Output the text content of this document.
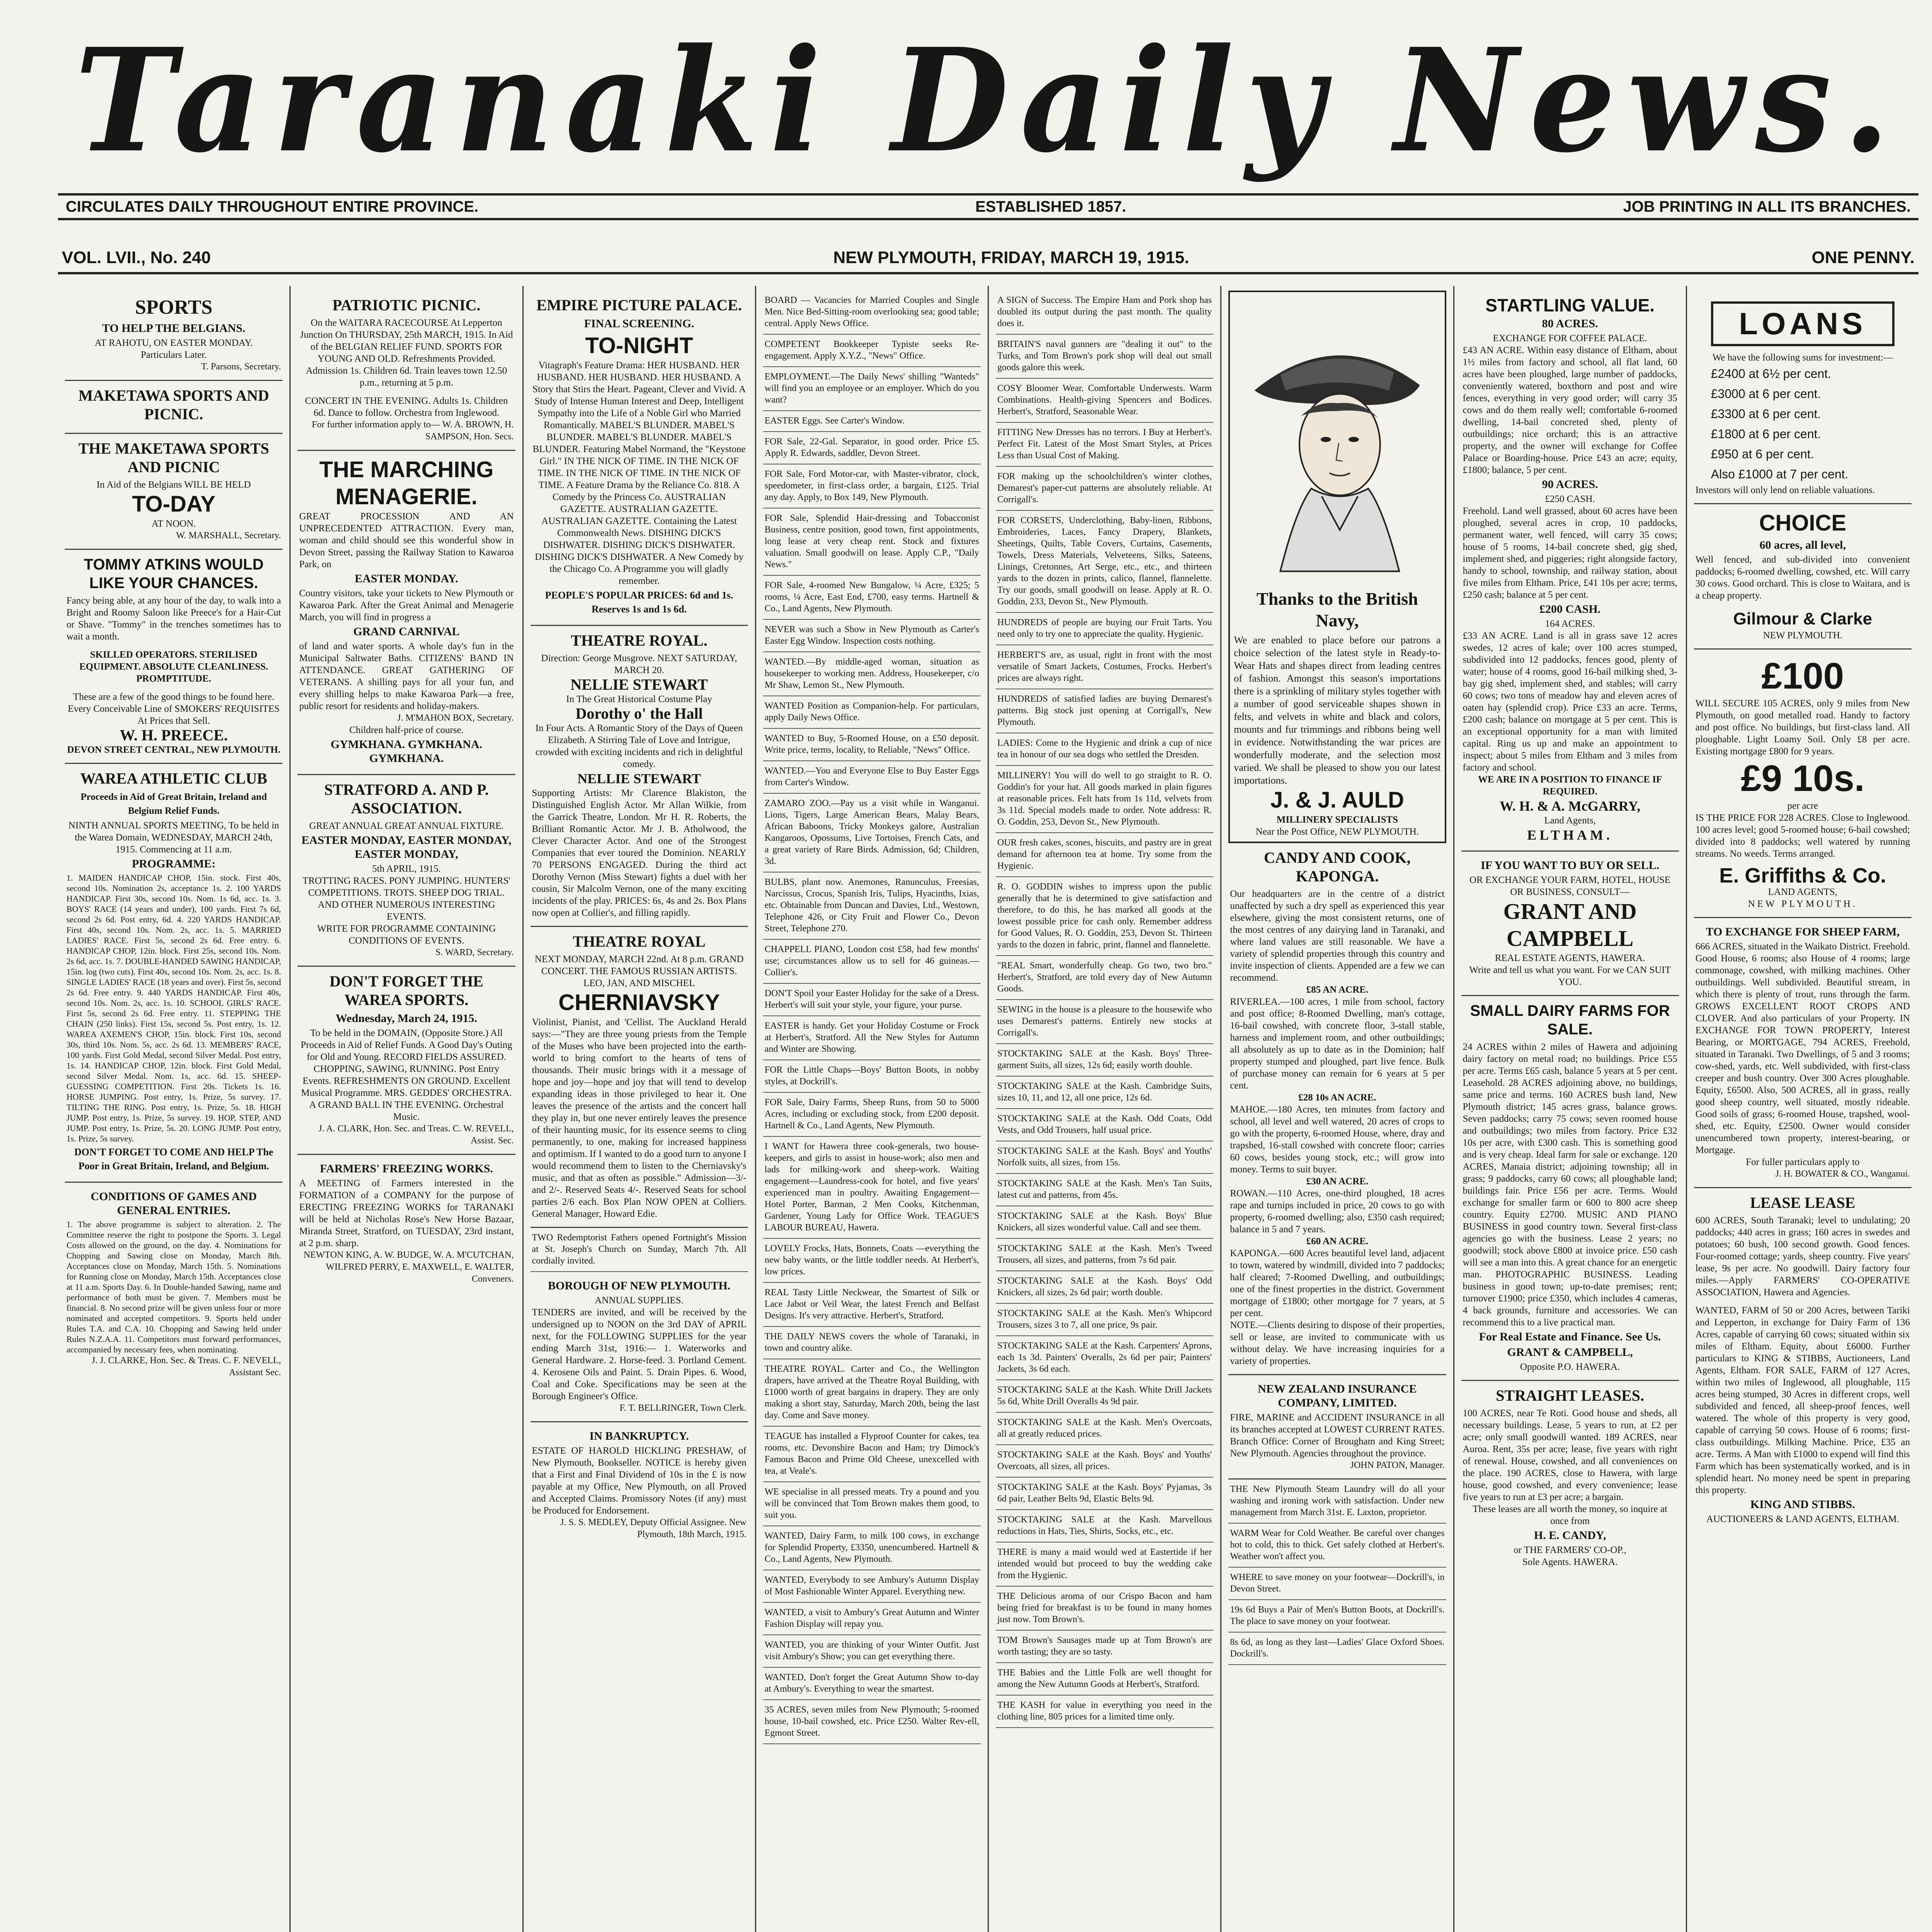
Taranaki Daily News.
CIRCULATES DAILY THROUGHOUT ENTIRE PROVINCE.	ESTABLISHED 1857.	JOB PRINTING IN ALL ITS BRANCHES.
VOL. LVII., No. 240	NEW PLYMOUTH, FRIDAY, MARCH 19, 1915.	ONE PENNY.
SPORTS
TO HELP THE BELGIANS.
AT RAHOTU, ON EASTER MONDAY.
Particulars Later.
T. Parsons, Secretary.
MAKETAWA SPORTS AND PICNIC.
THE MAKETAWA SPORTS AND PICNIC
In Aid of the Belgians WILL BE HELD
TO-DAY
AT NOON.
W. MARSHALL, Secretary.
TOMMY ATKINS WOULD LIKE YOUR CHANCES.
Fancy being able, at any hour of the day, to walk into a Bright and Roomy Saloon like Preece's for a Hair-Cut or Shave. "Tommy" in the trenches sometimes has to wait a month.
SKILLED OPERATORS. STERILISED EQUIPMENT. ABSOLUTE CLEANLINESS. PROMPTITUDE.
These are a few of the good things to be found here. Every Conceivable Line of SMOKERS' REQUISITES At Prices that Sell.
W. H. PREECE.
DEVON STREET CENTRAL, NEW PLYMOUTH.
WAREA ATHLETIC CLUB
Proceeds in Aid of Great Britain, Ireland and Belgium Relief Funds.
NINTH ANNUAL SPORTS MEETING, To be held in the Warea Domain, WEDNESDAY, MARCH 24th, 1915. Commencing at 11 a.m.
PROGRAMME:
1. MAIDEN HANDICAP CHOP, 15in. stock. First 40s, second 10s. Nomination 2s, acceptance 1s. 2. 100 YARDS HANDICAP. First 30s, second 10s. Nom. 1s 6d, acc. 1s. 3. BOYS' RACE (14 years and under), 100 yards. First 7s 6d, second 2s 6d. Post entry, 6d. 4. 220 YARDS HANDICAP. First 40s, second 10s. Nom. 2s, acc. 1s. 5. MARRIED LADIES' RACE. First 5s, second 2s 6d. Free entry. 6. HANDICAP CHOP, 12in. block. First 25s, second 10s. Nom. 2s 6d, acc. 1s. 7. DOUBLE-HANDED SAWING HANDICAP, 15in. log (two cuts). First 40s, second 10s. Nom. 2s, acc. 1s. 8. SINGLE LADIES' RACE (18 years and over). First 5s, second 2s 6d. Free entry. 9. 440 YARDS HANDICAP. First 40s, second 10s. Nom. 2s, acc. 1s. 10. SCHOOL GIRLS' RACE. First 5s, second 2s 6d. Free entry. 11. STEPPING THE CHAIN (250 links). First 15s, second 5s. Post entry, 1s. 12. WAREA AXEMEN'S CHOP, 15in. block. First 10s, second 30s, third 10s. Nom. 5s, acc. 2s 6d. 13. MEMBERS' RACE, 100 yards. First Gold Medal, second Silver Medal. Post entry, 1s. 14. HANDICAP CHOP, 12in. block. First Gold Medal, second Silver Medal. Nom. 1s, acc. 6d. 15. SHEEP-GUESSING COMPETITION. First 20s. Tickets 1s. 16. HORSE JUMPING. Post entry, 1s. Prize, 5s survey. 17. TILTING THE RING. Post entry, 1s. Prize, 5s. 18. HIGH JUMP. Post entry, 1s. Prize, 5s survey. 19. HOP, STEP, AND JUMP. Post entry, 1s. Prize, 5s. 20. LONG JUMP. Post entry, 1s. Prize, 5s survey.
DON'T FORGET TO COME AND HELP The Poor in Great Britain, Ireland, and Belgium.
CONDITIONS OF GAMES AND GENERAL ENTRIES.
1. The above programme is subject to alteration. 2. The Committee reserve the right to postpone the Sports. 3. Legal Costs allowed on the ground, on the day. 4. Nominations for Chopping and Sawing close on Monday, March 8th. Acceptances close on Monday, March 15th. 5. Nominations for Running close on Monday, March 15th. Acceptances close at 11 a.m. Sports Day. 6. In Double-handed Sawing, name and performance of both must be given. 7. Members must be financial. 8. No second prize will be given unless four or more nominated and accepted competitors. 9. Sports held under Rules T.A. and C.A. 10. Chopping and Sawing held under Rules N.Z.A.A. 11. Competitors must forward performances, accompanied by necessary fees, when nominating.
J. J. CLARKE, Hon. Sec. & Treas. C. F. NEVELL, Assistant Sec.
PATRIOTIC PICNIC.
On the WAITARA RACECOURSE At Lepperton Junction On THURSDAY, 25th MARCH, 1915. In Aid of the BELGIAN RELIEF FUND. SPORTS FOR YOUNG AND OLD. Refreshments Provided. Admission 1s. Children 6d. Train leaves town 12.50 p.m., returning at 5 p.m.
CONCERT IN THE EVENING. Adults 1s. Children 6d. Dance to follow. Orchestra from Inglewood.
For further information apply to— W. A. BROWN, H. SAMPSON, Hon. Secs.
THE MARCHING MENAGERIE.
GREAT PROCESSION AND AN UNPRECEDENTED ATTRACTION. Every man, woman and child should see this wonderful show in Devon Street, passing the Railway Station to Kawaroa Park, on
EASTER MONDAY.
Country visitors, take your tickets to New Plymouth or Kawaroa Park. After the Great Animal and Menagerie March, you will find in progress a
GRAND CARNIVAL
of land and water sports. A whole day's fun in the Municipal Saltwater Baths. CITIZENS' BAND IN ATTENDANCE. GREAT GATHERING OF VETERANS. A shilling pays for all your fun, and every shilling helps to make Kawaroa Park—a free, public resort for residents and holiday-makers.
J. M'MAHON BOX, Secretary.
Children half-price of course.
GYMKHANA. GYMKHANA. GYMKHANA.
STRATFORD A. AND P. ASSOCIATION.
GREAT ANNUAL GREAT ANNUAL FIXTURE.
EASTER MONDAY, EASTER MONDAY, EASTER MONDAY,
5th APRIL, 1915.
TROTTING RACES. PONY JUMPING. HUNTERS' COMPETITIONS. TROTS. SHEEP DOG TRIAL. AND OTHER NUMEROUS INTERESTING EVENTS.
WRITE FOR PROGRAMME CONTAINING CONDITIONS OF EVENTS.
S. WARD, Secretary.
DON'T FORGET THE WAREA SPORTS.
Wednesday, March 24, 1915.
To be held in the DOMAIN, (Opposite Store.) All Proceeds in Aid of Relief Funds. A Good Day's Outing for Old and Young. RECORD FIELDS ASSURED. CHOPPING, SAWING, RUNNING. Post Entry Events. REFRESHMENTS ON GROUND. Excellent Musical Programme. MRS. GEDDES' ORCHESTRA. A GRAND BALL IN THE EVENING. Orchestral Music.
J. A. CLARK, Hon. Sec. and Treas. C. W. REVELL, Assist. Sec.
FARMERS' FREEZING WORKS.
A MEETING of Farmers interested in the FORMATION of a COMPANY for the purpose of ERECTING FREEZING WORKS for TARANAKI will be held at Nicholas Rose's New Horse Bazaar, Miranda Street, Stratford, on TUESDAY, 23rd instant, at 2 p.m. sharp.
NEWTON KING, A. W. BUDGE, W. A. M'CUTCHAN, WILFRED PERRY, E. MAXWELL, E. WALTER, Conveners.
EMPIRE PICTURE PALACE.
FINAL SCREENING.
TO-NIGHT
Vitagraph's Feature Drama: HER HUSBAND. HER HUSBAND. HER HUSBAND. HER HUSBAND. A Story that Stirs the Heart. Pageant, Clever and Vivid. A Study of Intense Human Interest and Deep, Intelligent Sympathy into the Life of a Noble Girl who Married Romantically. MABEL'S BLUNDER. MABEL'S BLUNDER. MABEL'S BLUNDER. MABEL'S BLUNDER. Featuring Mabel Normand, the "Keystone Girl." IN THE NICK OF TIME. IN THE NICK OF TIME. IN THE NICK OF TIME. IN THE NICK OF TIME. A Feature Drama by the Reliance Co. 818. A Comedy by the Princess Co. AUSTRALIAN GAZETTE. AUSTRALIAN GAZETTE. AUSTRALIAN GAZETTE. Containing the Latest Commonwealth News. DISHING DICK'S DISHWATER. DISHING DICK'S DISHWATER. DISHING DICK'S DISHWATER. A New Comedy by the Chicago Co. A Programme you will gladly remember.
PEOPLE'S POPULAR PRICES: 6d and 1s. Reserves 1s and 1s 6d.
THEATRE ROYAL.
Direction: George Musgrove. NEXT SATURDAY, MARCH 20.
NELLIE STEWART
In The Great Historical Costume Play
Dorothy o' the Hall
In Four Acts. A Romantic Story of the Days of Queen Elizabeth. A Stirring Tale of Love and Intrigue, crowded with exciting incidents and rich in delightful comedy.
NELLIE STEWART
Supporting Artists: Mr Clarence Blakiston, the Distinguished English Actor. Mr Allan Wilkie, from the Garrick Theatre, London. Mr H. R. Roberts, the Brilliant Romantic Actor. Mr J. B. Atholwood, the Clever Character Actor. And one of the Strongest Companies that ever toured the Dominion. NEARLY 70 PERSONS ENGAGED. During the third act Dorothy Vernon (Miss Stewart) fights a duel with her cousin, Sir Malcolm Vernon, one of the many exciting incidents of the play. PRICES: 6s, 4s and 2s. Box Plans now open at Collier's, and filling rapidly.
THEATRE ROYAL
NEXT MONDAY, MARCH 22nd. At 8 p.m. GRAND CONCERT. THE FAMOUS RUSSIAN ARTISTS. LEO, JAN, AND MISCHEL
CHERNIAVSKY
Violinist, Pianist, and 'Cellist. The Auckland Herald says:—"They are three young priests from the Temple of the Muses who have been projected into the earth-world to bring comfort to the hearts of tens of thousands. Their music brings with it a message of hope and joy—hope and joy that will tend to develop expanding ideas in those privileged to hear it. One leaves the presence of the artists and the concert hall they play in, but one never entirely leaves the presence of their haunting music, for its essence seems to cling permanently, to one, making for increased happiness and optimism. If I wanted to do a good turn to anyone I would recommend them to listen to the Cherniavsky's music, and that as often as possible." Admission—3/- and 2/-. Reserved Seats 4/-. Reserved Seats for school parties 2/6 each. Box Plan NOW OPEN at Colliers. General Manager, Howard Edie.
TWO Redemptorist Fathers opened Fortnight's Mission at St. Joseph's Church on Sunday, March 7th. All cordially invited.
BOROUGH OF NEW PLYMOUTH.
ANNUAL SUPPLIES.
TENDERS are invited, and will be received by the undersigned up to NOON on the 3rd DAY of APRIL next, for the FOLLOWING SUPPLIES for the year ending March 31st, 1916:— 1. Waterworks and General Hardware. 2. Horse-feed. 3. Portland Cement. 4. Kerosene Oils and Paint. 5. Drain Pipes. 6. Wood, Coal and Coke. Specifications may be seen at the Borough Engineer's Office.
F. T. BELLRINGER, Town Clerk.
IN BANKRUPTCY.
ESTATE OF HAROLD HICKLING PRESHAW, of New Plymouth, Bookseller. NOTICE is hereby given that a First and Final Dividend of 10s in the £ is now payable at my Office, New Plymouth, on all Proved and Accepted Claims. Promissory Notes (if any) must be Produced for Endorsement.
J. S. S. MEDLEY, Deputy Official Assignee. New Plymouth, 18th March, 1915.
BOARD — Vacancies for Married Couples and Single Men. Nice Bed-Sitting-room overlooking sea; good table; central. Apply News Office.
COMPETENT Bookkeeper Typiste seeks Re-engagement. Apply X.Y.Z., "News" Office.
EMPLOYMENT.—The Daily News' shilling "Wanteds" will find you an employee or an employer. Which do you want?
EASTER Eggs. See Carter's Window.
FOR Sale, 22-Gal. Separator, in good order. Price £5. Apply R. Edwards, saddler, Devon Street.
FOR Sale, Ford Motor-car, with Master-vibrator, clock, speedometer, in first-class order, a bargain, £125. Trial any day. Apply, to Box 149, New Plymouth.
FOR Sale, Splendid Hair-dressing and Tobacconist Business, centre position, good town, first appointments, long lease at very cheap rent. Stock and fixtures valuation. Small goodwill on lease. Apply C.P., "Daily News."
FOR Sale, 4-roomed New Bungalow, ¼ Acre, £325; 5 rooms, ¼ Acre, East End, £700, easy terms. Hartnell & Co., Land Agents, New Plymouth.
NEVER was such a Show in New Plymouth as Carter's Easter Egg Window. Inspection costs nothing.
WANTED.—By middle-aged woman, situation as housekeeper to working men. Address, Housekeeper, c/o Mr Shaw, Lemon St., New Plymouth.
WANTED Position as Companion-help. For particulars, apply Daily News Office.
WANTED to Buy, 5-Roomed House, on a £50 deposit. Write price, terms, locality, to Reliable, "News" Office.
WANTED.—You and Everyone Else to Buy Easter Eggs from Carter's Window.
ZAMARO ZOO.—Pay us a visit while in Wanganui. Lions, Tigers, Large American Bears, Malay Bears, African Baboons, Tricky Monkeys galore, Australian Kangaroos, Opossums, Live Tortoises, French Cats, and a great variety of Rare Birds. Admission, 6d; Children, 3d.
BULBS, plant now. Anemones, Ranunculus, Freesias, Narcissus, Crocus, Spanish Iris, Tulips, Hyacinths, Ixias, etc. Obtainable from Duncan and Davies, Ltd., Westown, Telephone 426, or City Fruit and Flower Co., Devon Street, Telephone 270.
CHAPPELL PIANO, London cost £58, had few months' use; circumstances allow us to sell for 46 guineas.—Collier's.
DON'T Spoil your Easter Holiday for the sake of a Dress. Herbert's will suit your style, your figure, your purse.
EASTER is handy. Get your Holiday Costume or Frock at Herbert's, Stratford. All the New Styles for Autumn and Winter are Showing.
FOR the Little Chaps—Boys' Button Boots, in nobby styles, at Dockrill's.
FOR Sale, Dairy Farms, Sheep Runs, from 50 to 5000 Acres, including or excluding stock, from £200 deposit. Hartnell & Co., Land Agents, New Plymouth.
I WANT for Hawera three cook-generals, two house-keepers, and girls to assist in house-work; also men and lads for milking-work and sheep-work. Waiting engagement—Laundress-cook for hotel, and five years' experienced man in poultry. Awaiting Engagement—Hotel Porter, Barman, 2 Men Cooks, Kitchenman, Gardener, Young Lady for Office Work. TEAGUE'S LABOUR BUREAU, Hawera.
LOVELY Frocks, Hats, Bonnets, Coats —everything the new baby wants, or the little toddler needs. At Herbert's, low prices.
REAL Tasty Little Neckwear, the Smartest of Silk or Lace Jabot or Veil Wear, the latest French and Belfast Designs. It's very attractive. Herbert's, Stratford.
THE DAILY NEWS covers the whole of Taranaki, in town and country alike.
THEATRE ROYAL. Carter and Co., the Wellington drapers, have arrived at the Theatre Royal Building, with £1000 worth of great bargains in drapery. They are only making a short stay, Saturday, March 20th, being the last day. Come and Save money.
TEAGUE has installed a Flyproof Counter for cakes, tea rooms, etc. Devonshire Bacon and Ham; try Dimock's Famous Bacon and Prime Old Cheese, unexcelled with tea, at Veale's.
WE specialise in all pressed meats. Try a pound and you will be convinced that Tom Brown makes them good, to suit you.
WANTED, Dairy Farm, to milk 100 cows, in exchange for Splendid Property, £3350, unencumbered. Hartnell & Co., Land Agents, New Plymouth.
WANTED, Everybody to see Ambury's Autumn Display of Most Fashionable Winter Apparel. Everything new.
WANTED, a visit to Ambury's Great Autumn and Winter Fashion Display will repay you.
WANTED, you are thinking of your Winter Outfit. Just visit Ambury's Show; you can get everything there.
WANTED, Don't forget the Great Autumn Show to-day at Ambury's. Everything to wear the smartest.
35 ACRES, seven miles from New Plymouth; 5-roomed house, 10-bail cowshed, etc. Price £250. Walter Rev-ell, Egmont Street.
A SIGN of Success. The Empire Ham and Pork shop has doubled its output during the past month. The quality does it.
BRITAIN'S naval gunners are "dealing it out" to the Turks, and Tom Brown's pork shop will deal out small goods galore this week.
COSY Bloomer Wear. Comfortable Underwests. Warm Combinations. Health-giving Spencers and Bodices. Herbert's, Stratford, Seasonable Wear.
FITTING New Dresses has no terrors. I Buy at Herbert's. Perfect Fit. Latest of the Most Smart Styles, at Prices Less than Usual Cost of Making.
FOR making up the schoolchildren's winter clothes, Demarest's paper-cut patterns are absolutely reliable. At Corrigall's.
FOR CORSETS, Underclothing, Baby-linen, Ribbons, Embroideries, Laces, Fancy Drapery, Blankets, Sheetings, Quilts, Table Covers, Curtains, Casements, Towels, Dress Materials, Velveteens, Silks, Sateens, Linings, Cretonnes, Art Serge, etc., etc., and thirteen yards to the dozen in prints, calico, flannel, flannelette. Try our goods, small goodwill on lease. Apply at R. O. Goddin, 233, Devon St., New Plymouth.
HUNDREDS of people are buying our Fruit Tarts. You need only to try one to appreciate the quality. Hygienic.
HERBERT'S are, as usual, right in front with the most versatile of Smart Jackets, Costumes, Frocks. Herbert's prices are always right.
HUNDREDS of satisfied ladies are buying Demarest's patterns. Big stock just opening at Corrigall's, New Plymouth.
LADIES: Come to the Hygienic and drink a cup of nice tea in honour of our sea dogs who settled the Dresden.
MILLINERY! You will do well to go straight to R. O. Goddin's for your hat. All goods marked in plain figures at reasonable prices. Felt hats from 1s 11d, velvets from 3s 11d. Special models made to order. Note address: R. O. Goddin, 253, Devon St., New Plymouth.
OUR fresh cakes, scones, biscuits, and pastry are in great demand for afternoon tea at home. Try some from the Hygienic.
R. O. GODDIN wishes to impress upon the public generally that he is determined to give satisfaction and therefore, to do this, he has marked all goods at the lowest possible price for cash only. Remember address for Good Values, R. O. Goddin, 253, Devon St. Thirteen yards to the dozen in fabric, print, flannel and flannelette.
"REAL Smart, wonderfully cheap. Go two, two bro." Herbert's, Stratford, are told every day of New Autumn Goods.
SEWING in the house is a pleasure to the housewife who uses Demarest's patterns. Entirely new stocks at Corrigall's.
STOCKTAKING SALE at the Kash. Boys' Three-garment Suits, all sizes, 12s 6d; easily worth double.
STOCKTAKING SALE at the Kash. Cambridge Suits, sizes 10, 11, and 12, all one price, 12s 6d.
STOCKTAKING SALE at the Kash. Odd Coats, Odd Vests, and Odd Trousers, half usual price.
STOCKTAKING SALE at the Kash. Boys' and Youths' Norfolk suits, all sizes, from 15s.
STOCKTAKING SALE at the Kash. Men's Tan Suits, latest cut and patterns, from 45s.
STOCKTAKING SALE at the Kash. Boys' Blue Knickers, all sizes wonderful value. Call and see them.
STOCKTAKING SALE at the Kash. Men's Tweed Trousers, all sizes, and patterns, from 7s 6d pair.
STOCKTAKING SALE at the Kash. Boys' Odd Knickers, all sizes, 2s 6d pair; worth double.
STOCKTAKING SALE at the Kash. Men's Whipcord Trousers, sizes 3 to 7, all one price, 9s pair.
STOCKTAKING SALE at the Kash. Carpenters' Aprons, each 1s 3d. Painters' Overalls, 2s 6d per pair; Painters' Jackets, 3s 6d each.
STOCKTAKING SALE at the Kash. White Drill Jackets 5s 6d, White Drill Overalls 4s 9d pair.
STOCKTAKING SALE at the Kash. Men's Overcoats, all at greatly reduced prices.
STOCKTAKING SALE at the Kash. Boys' and Youths' Overcoats, all sizes, all prices.
STOCKTAKING SALE at the Kash. Boys' Pyjamas, 3s 6d pair, Leather Belts 9d, Elastic Belts 9d.
STOCKTAKING SALE at the Kash. Marvellous reductions in Hats, Ties, Shirts, Socks, etc., etc.
THERE is many a maid would wed at Eastertide if her intended would but proceed to buy the wedding cake from the Hygienic.
THE Delicious aroma of our Crispo Bacon and ham being fried for breakfast is to be found in many homes just now. Tom Brown's.
TOM Brown's Sausages made up at Tom Brown's are worth tasting; they are so tasty.
THE Babies and the Little Folk are well thought for among the New Autumn Goods at Herbert's, Stratford.
THE KASH for value in everything you need in the clothing line, 805 prices for a limited time only.
Thanks to the British Navy,
We are enabled to place before our patrons a choice selection of the latest style in Ready-to-Wear Hats and shapes direct from leading centres of fashion. Amongst this season's importations there is a sprinkling of military styles together with a number of good serviceable shapes shown in felts, and velvets in white and black and colors, mounts and fur trimmings and ribbons being well in evidence. Notwithstanding the war prices are wonderfully moderate, and the selection most varied. We shall be pleased to show you our latest importations.
J. & J. AULD
MILLINERY SPECIALISTS
Near the Post Office, NEW PLYMOUTH.
CANDY AND COOK, KAPONGA.
Our headquarters are in the centre of a district unaffected by such a dry spell as experienced this year elsewhere, giving the most consistent returns, one of the most centres of any dairying land in Taranaki, and where land values are still reasonable. We have a variety of splendid properties through this country and invite inspection of clients. Appended are a few we can recommend.
£85 AN ACRE.
RIVERLEA.—100 acres, 1 mile from school, factory and post office; 8-Roomed Dwelling, man's cottage, 16-bail cowshed, with concrete floor, 3-stall stable, harness and implement room, and other outbuildings; all absolutely as up to date as in the Dominion; half property stumped and ploughed, part live fence. Bulk of purchase money can remain for 6 years at 5 per cent.
£28 10s AN ACRE.
MAHOE.—180 Acres, ten minutes from factory and school, all level and well watered, 20 acres of crops to go with the property, 6-roomed House, where, dray and trapshed, 16-stall cowshed with concrete floor; carries 60 cows, besides young stock, etc.; will grow into money. Terms to suit buyer.
£30 AN ACRE.
ROWAN.—110 Acres, one-third ploughed, 18 acres rape and turnips included in price, 20 cows to go with property, 6-roomed dwelling; also, £350 cash required; balance in 5 and 7 years.
£60 AN ACRE.
KAPONGA.—600 Acres beautiful level land, adjacent to town, watered by windmill, divided into 7 paddocks; half cleared; 7-Roomed Dwelling, and outbuildings; one of the finest properties in the district. Government mortgage of £1800; other mortgage for 7 years, at 5 per cent.
NOTE.—Clients desiring to dispose of their properties, sell or lease, are invited to communicate with us without delay. We have increasing inquiries for a variety of properties.
NEW ZEALAND INSURANCE COMPANY, LIMITED.
FIRE, MARINE and ACCIDENT INSURANCE in all its branches accepted at LOWEST CURRENT RATES. Branch Office: Corner of Brougham and King Street; New Plymouth. Agencies throughout the province.
JOHN PATON, Manager.
THE New Plymouth Steam Laundry will do all your washing and ironing work with satisfaction. Under new management from March 31st. E. Laxton, proprietor.
WARM Wear for Cold Weather. Be careful over changes hot to cold, this to thick. Get safely clothed at Herbert's. Weather won't affect you.
WHERE to save money on your footwear—Dockrill's, in Devon Street.
19s 6d Buys a Pair of Men's Button Boots, at Dockrill's. The place to save money on your footwear.
8s 6d, as long as they last—Ladies' Glace Oxford Shoes. Dockrill's.
STARTLING VALUE.
80 ACRES.
EXCHANGE FOR COFFEE PALACE.
£43 AN ACRE. Within easy distance of Eltham, about 1½ miles from factory and school, all flat land, 60 acres have been ploughed, large number of paddocks, conveniently watered, boxthorn and post and wire fences, everything in very good order; will carry 35 cows and do them really well; comfortable 6-roomed dwelling, 14-bail concreted shed, plenty of outbuildings; nice orchard; this is an attractive property, and the owner will exchange for Coffee Palace or Boarding-house. Price £43 an acre; equity, £1800; balance, 5 per cent.
90 ACRES.
£250 CASH.
Freehold. Land well grassed, about 60 acres have been ploughed, several acres in crop, 10 paddocks, permanent water, well fenced, will carry 35 cows; house of 5 rooms, 14-bail concrete shed, gig shed, implement shed, and piggeries; right alongside factory, handy to school, township, and railway station, about five miles from Eltham. Price, £41 10s per acre; terms, £250 cash; balance at 5 per cent.
£200 CASH.
164 ACRES.
£33 AN ACRE. Land is all in grass save 12 acres swedes, 12 acres of kale; over 100 acres stumped, subdivided into 12 paddocks, fences good, plenty of water; house of 4 rooms, good 16-bail milking shed, 3-bay gig shed, implement shed, and stables; will carry 60 cows; two tons of meadow hay and eleven acres of oaten hay (splendid crop). Price £33 an acre. Terms, £200 cash; balance on mortgage at 5 per cent. This is an exceptional opportunity for a man with limited capital. Ring us up and make an appointment to inspect; about 5 miles from Eltham and 3 miles from factory and school.
WE ARE IN A POSITION TO FINANCE IF REQUIRED.
W. H. & A. McGARRY,
Land Agents,
ELTHAM.
IF YOU WANT TO BUY OR SELL.
OR EXCHANGE YOUR FARM, HOTEL, HOUSE OR BUSINESS, CONSULT—
GRANT AND CAMPBELL
REAL ESTATE AGENTS, HAWERA.
Write and tell us what you want. For we CAN SUIT YOU.
SMALL DAIRY FARMS FOR SALE.
24 ACRES within 2 miles of Hawera and adjoining dairy factory on metal road; no buildings. Price £55 per acre. Terms £65 cash, balance 5 years at 5 per cent. Leasehold. 28 ACRES adjoining above, no buildings, same price and terms. 160 ACRES bush land, New Plymouth district; 145 acres grass, balance grows. Seven paddocks; carry 75 cows; seven roomed house and outbuildings; two miles from factory. Price £32 10s per acre, with £300 cash. This is something good and is very cheap. Ideal farm for sale or exchange. 120 ACRES, Manaia district; adjoining township; all in grass; 9 paddocks, carry 60 cows; all ploughable land; buildings fair. Price £56 per acre. Terms. Would exchange for smaller farm or 600 to 800 acre sheep country. Equity £2700. MUSIC AND PIANO BUSINESS in good country town. Several first-class agencies go with the business. Lease 2 years; no goodwill; stock above £800 at invoice price. £50 cash will see a man into this. A great chance for an energetic man. PHOTOGRAPHIC BUSINESS. Leading business in good town; up-to-date premises; rent; turnover £1900; price £350, which includes 4 cameras, 4 back grounds, furniture and accessories. We can recommend this to a live practical man.
For Real Estate and Finance. See Us.
GRANT & CAMPBELL,
Opposite P.O. HAWERA.
STRAIGHT LEASES.
100 ACRES, near Te Roti. Good house and sheds, all necessary buildings. Lease, 5 years to run, at £2 per acre; only small goodwill wanted. 189 ACRES, near Auroa. Rent, 35s per acre; lease, five years with right of renewal. House, cowshed, and all conveniences on the place. 190 ACRES, close to Hawera, with large house, good cowshed, and every convenience; lease five years to run at £3 per acre; a bargain.
These leases are all worth the money, so inquire at once from
H. E. CANDY,
or THE FARMERS' CO-OP.,
Sole Agents. HAWERA.
LOANS
We have the following sums for investment:—
£2400 at 6½ per cent.
£3000 at 6 per cent.
£3300 at 6 per cent.
£1800 at 6 per cent.
£950 at 6 per cent.
Also £1000 at 7 per cent.
Investors will only lend on reliable valuations.
CHOICE
60 acres, all level,
Well fenced, and sub-divided into convenient paddocks; 6-roomed dwelling, cowshed, etc. Will carry 30 cows. Good orchard. This is close to Waitara, and is a cheap property.
Gilmour & Clarke
NEW PLYMOUTH.
£100
WILL SECURE 105 ACRES, only 9 miles from New Plymouth, on good metalled road. Handy to factory and post office. No buildings, but first-class land. All ploughable. Light Loamy Soil. Only £8 per acre. Existing mortgage £800 for 9 years.
£9 10s.
per acre
IS THE PRICE FOR 228 ACRES. Close to Inglewood. 100 acres level; good 5-roomed house; 6-bail cowshed; divided into 8 paddocks; well watered by running streams. No weeds. Terms arranged.
E. Griffiths & Co.
LAND AGENTS,
NEW PLYMOUTH.
TO EXCHANGE FOR SHEEP FARM,
666 ACRES, situated in the Waikato District. Freehold. Good House, 6 rooms; also House of 4 rooms; large commonage, cowshed, with milking machines. Other outbuildings. Well subdivided. Beautiful stream, in which there is plenty of trout, runs through the farm. GROWS EXCELLENT ROOT CROPS AND CLOVER. And also particulars of your Property. IN EXCHANGE FOR TOWN PROPERTY, Interest Bearing, or MORTGAGE, 794 ACRES, Freehold, situated in Taranaki. Two Dwellings, of 5 and 3 rooms; cow-shed, yards, etc. Well subdivided, with first-class creeper and bush country. Over 300 Acres ploughable. Equity, £6500. Also, 500 ACRES, all in grass, really good sheep country, well situated, mostly rideable. Good soils of grass; 6-roomed House, trapshed, wool-shed, etc. Equity, £2500. Owner would consider unencumbered town property, interest-bearing, or Mortgage.
For fuller particulars apply to
J. H. BOWATER & CO., Wanganui.
LEASE LEASE
600 ACRES, South Taranaki; level to undulating; 20 paddocks; 440 acres in grass; 160 acres in swedes and potatoes; 60 bush, 100 second growth. Good fences. Four-roomed cottage; yards, sheep country. Five years' lease, 9s per acre. No goodwill. Dairy factory four miles.—Apply FARMERS' CO-OPERATIVE ASSOCIATION, Hawera and Agencies.
WANTED, FARM of 50 or 200 Acres, between Tariki and Lepperton, in exchange for Dairy Farm of 136 Acres, capable of carrying 60 cows; situated within six miles of Eltham. Equity, about £6000. Further particulars to KING & STIBBS, Auctioneers, Land Agents, Eltham. FOR SALE, FARM of 127 Acres, within two miles of Inglewood, all ploughable, 115 acres being stumped, 30 Acres in different crops, well subdivided and fenced, all sheep-proof fences, well watered. The whole of this property is very good, capable of carrying 50 cows. House of 6 rooms; first-class outbuildings. Milking Machine. Price, £35 an acre. Terms. A Man with £1000 to expend will find this Farm which has been systematically worked, and is in splendid heart. No money need be spent in preparing this property.
KING AND STIBBS.
AUCTIONEERS & LAND AGENTS, ELTHAM.
